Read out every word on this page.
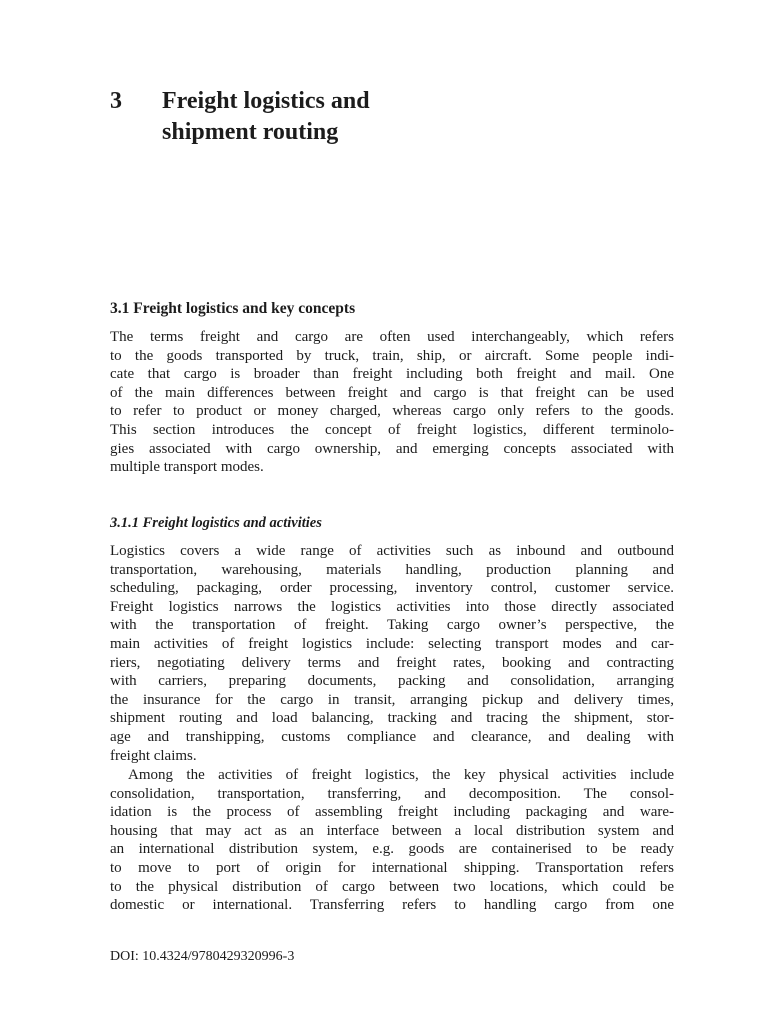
3 Freight logistics and
shipment routing
3.1 Freight logistics and key concepts

The terms freight and cargo are often used interchangeably, which refers
to the goods transported by truck, train, ship, or aircraft. Some people indi-
cate that cargo is broader than freight including both freight and mail. One
of the main differences between freight and cargo is that freight can be used
to refer to product or money charged, whereas cargo only refers to the goods.
This section introduces the concept of freight logistics, different terminolo-
gies associated with cargo ownership, and emerging concepts associated with
multiple transport modes.

3.1.1 Freight logistics and activities

Logistics covers a wide range of activities such as inbound and outbound
transportation, warehousing, materials handling, production planning and
scheduling, packaging, order processing, inventory control, customer service.
Freight logistics narrows the logistics activities into those directly associated
with the transportation of freight. Taking cargo owner’s perspective, the
main activities of freight logistics include: selecting transport modes and car-
riers, negotiating delivery terms and freight rates, booking and contracting
with carriers, preparing documents, packing and consolidation, arranging
the insurance for the cargo in transit, arranging pickup and delivery times,
shipment routing and load balancing, tracking and tracing the shipment, stor-
age and transhipping, customs compliance and clearance, and dealing with
freight claims.

Among the activities of freight logistics, the key physical activities include
consolidation, transportation, transferring, and decomposition. The consol-
idation is the process of assembling freight including packaging and ware-
housing that may act as an interface between a local distribution system and
an international distribution system, e.g. goods are containerised to be ready
to move to port of origin for international shipping. Transportation refers
to the physical distribution of cargo between two locations, which could be
domestic or international. Transferring refers to handling cargo from one

DOI: 10.4324/9780429320996-3
